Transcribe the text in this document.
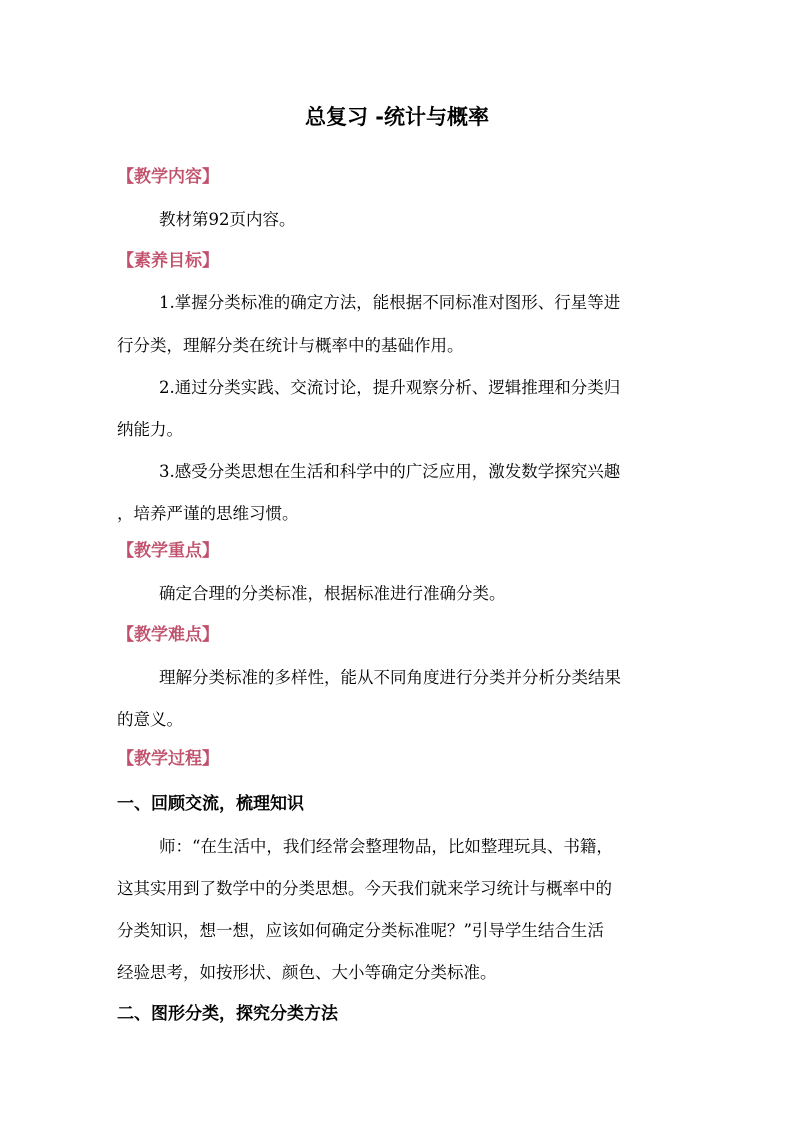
总复习 -统计与概率
【教学内容】
教材第92页内容。
【素养目标】
1.掌握分类标准的确定方法，能根据不同标准对图形、行星等进
行分类，理解分类在统计与概率中的基础作用。
2.通过分类实践、交流讨论，提升观察分析、逻辑推理和分类归
纳能力。
3.感受分类思想在生活和科学中的广泛应用，激发数学探究兴趣
，培养严谨的思维习惯。
【教学重点】
确定合理的分类标准，根据标准进行准确分类。
【教学难点】
理解分类标准的多样性，能从不同角度进行分类并分析分类结果
的意义。
【教学过程】
一、回顾交流，梳理知识
师：“在生活中，我们经常会整理物品，比如整理玩具、书籍，
这其实用到了数学中的分类思想。今天我们就来学习统计与概率中的
分类知识，想一想，应该如何确定分类标准呢？”引导学生结合生活
经验思考，如按形状、颜色、大小等确定分类标准。
二、图形分类，探究分类方法
